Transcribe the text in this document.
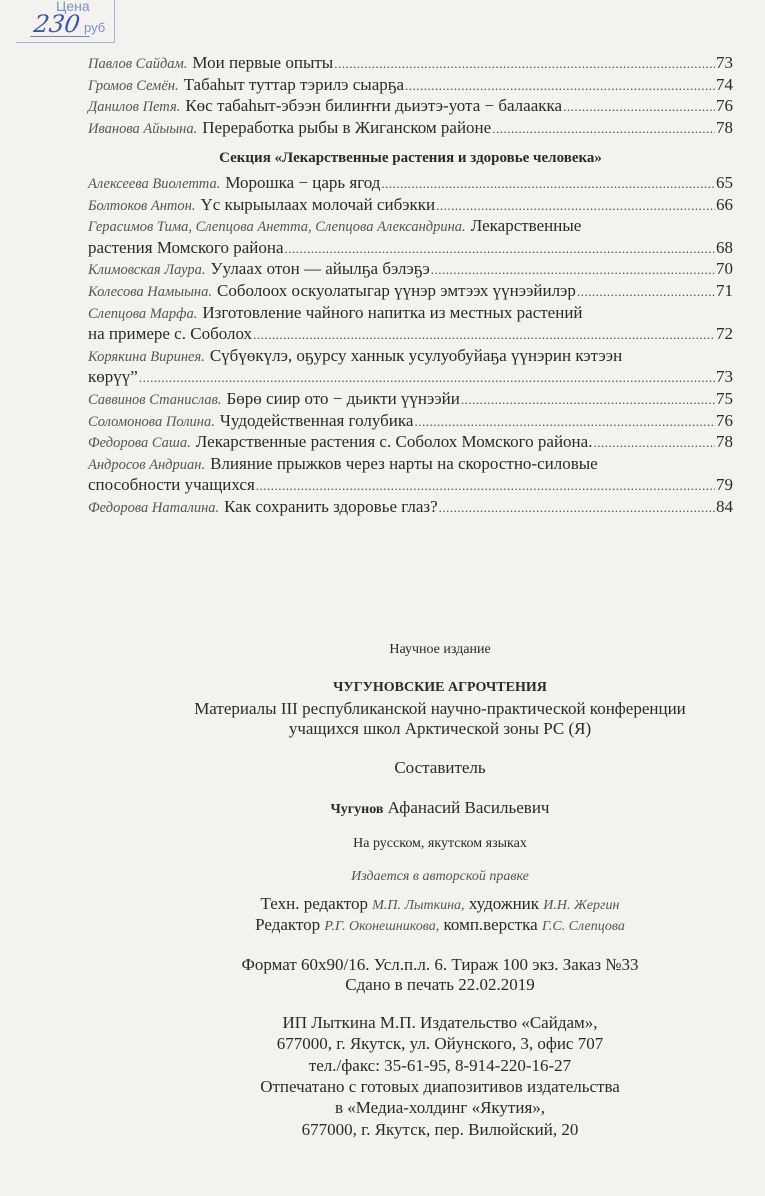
Цена
230 руб
Павлов Сайдам. Мои первые опыты .....	73
Громов Семён. Табаһыт туттар тэрилэ сыарҕа .....	74
Данилов Петя. Көс табаһыт-эбээн билиҥҥи дьиэтэ-уота − балаакка .....	76
Иванова Айыына. Переработка рыбы в Жиганском районе .....	78
Алексеева Виолетта. Морошка − царь ягод .....	65
Болтоков Антон. Үс кырыылаах молочай сибэкки .....	66
Герасимов Тима, Слепцова Анетта, Слепцова Александрина. Лекарственные
растения Момского района .....	68
Климовская Лаура. Уулаах отон — айылҕа бэлэҕэ .....	70
Колесова Намыына. Соболоох оскуолатыгар үүнэр эмтээх үүнээйилэр .....	71
Слепцова Марфа. Изготовление чайного напитка из местных растений
на примере с. Соболох .....	72
Корякина Виринея. Сүбүөкүлэ, оҕурсу ханнык усулуобуйаҕа үүнэрин кэтээн
көрүү” .....	73
Саввинов Станислав. Бөрө сиир ото − дьикти үүнээйи .....	75
Соломонова Полина. Чудодейственная голубика .....	76
Федорова Саша. Лекарственные растения с. Соболох Момского района. .....	78
Андросов Андриан. Влияние прыжков через нарты на скоростно-силовые
способности учащихся .....	79
Федорова Наталина. Как сохранить здоровье глаз? .....	84
Секция «Лекарственные растения и здоровье человека»
Научное издание
ЧУГУНОВСКИЕ АГРОЧТЕНИЯ
Материалы III республиканской научно-практической конференции
учащихся школ Арктической зоны РС (Я)
Составитель
Чугунов Афанасий Васильевич
На русском, якутском языках
Издается в авторской правке
Техн. редактор М.П. Лыткина, художник И.Н. Жергин
Редактор Р.Г. Оконешникова, комп.верстка Г.С. Слепцова
Формат 60х90/16. Усл.п.л. 6. Тираж 100 экз. Заказ №33
Сдано в печать 22.02.2019
ИП Лыткина М.П. Издательство «Сайдам»,
677000, г. Якутск, ул. Ойунского, 3, офис 707
тел./факс: 35-61-95, 8-914-220-16-27
Отпечатано с готовых диапозитивов издательства
в «Медиа-холдинг «Якутия»,
677000, г. Якутск, пер. Вилюйский, 20
